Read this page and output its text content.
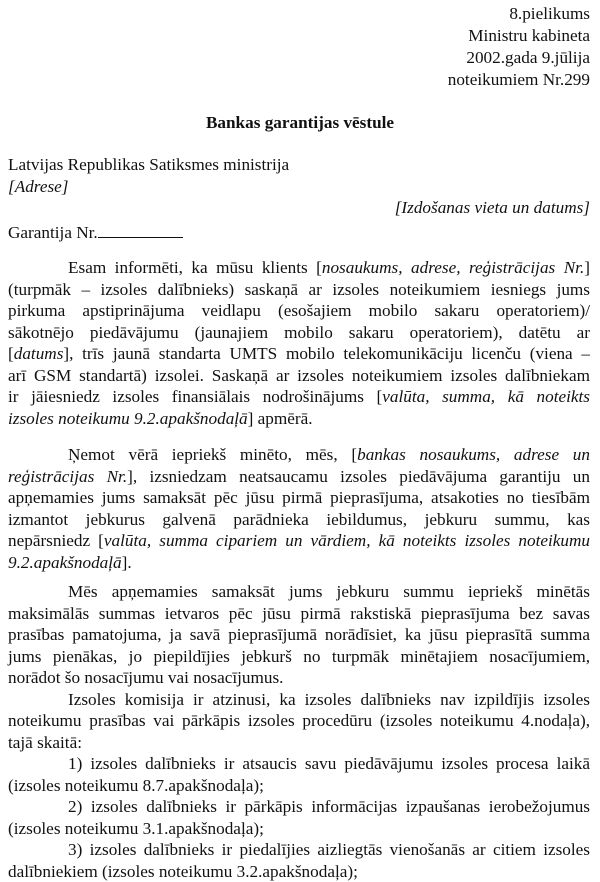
8.pielikums
Ministru kabineta
2002.gada 9.jūlija
noteikumiem Nr.299
Bankas garantijas vēstule
Latvijas Republikas Satiksmes ministrija
[Adrese]
[Izdošanas vieta un datums]
Garantija Nr.
Esam informēti, ka mūsu klients [nosaukums, adrese, reģistrācijas Nr.]
(turpmāk – izsoles dalībnieks) saskaņā ar izsoles noteikumiem iesniegs jums
pirkuma apstiprinājuma veidlapu (esošajiem mobilo sakaru operatoriem)/
sākotnējo piedāvājumu (jaunajiem mobilo sakaru operatoriem), datētu ar
[datums], trīs jaunā standarta UMTS mobilo telekomunikāciju licenču (viena –
arī GSM standartā) izsolei. Saskaņā ar izsoles noteikumiem izsoles dalībniekam
ir jāiesniedz izsoles finansiālais nodrošinājums [valūta, summa, kā noteikts
izsoles noteikumu 9.2.apakšnodaļā] apmērā.
Ņemot vērā iepriekš minēto, mēs, [bankas nosaukums, adrese un
reģistrācijas Nr.], izsniedzam neatsaucamu izsoles piedāvājuma garantiju un
apņemamies jums samaksāt pēc jūsu pirmā pieprasījuma, atsakoties no tiesībām
izmantot jebkurus galvenā parādnieka iebildumus, jebkuru summu, kas
nepārsniedz [valūta, summa cipariem un vārdiem, kā noteikts izsoles noteikumu
9.2.apakšnodaļā].
Mēs apņemamies samaksāt jums jebkuru summu iepriekš minētās
maksimālās summas ietvaros pēc jūsu pirmā rakstiskā pieprasījuma bez savas
prasības pamatojuma, ja savā pieprasījumā norādīsiet, ka jūsu pieprasītā summa
jums pienākas, jo piepildījies jebkurš no turpmāk minētajiem nosacījumiem,
norādot šo nosacījumu vai nosacījumus.
Izsoles komisija ir atzinusi, ka izsoles dalībnieks nav izpildījis izsoles
noteikumu prasības vai pārkāpis izsoles procedūru (izsoles noteikumu 4.nodaļa),
tajā skaitā:
1) izsoles dalībnieks ir atsaucis savu piedāvājumu izsoles procesa laikā
(izsoles noteikumu 8.7.apakšnodaļa);
2) izsoles dalībnieks ir pārkāpis informācijas izpaušanas ierobežojumus
(izsoles noteikumu 3.1.apakšnodaļa);
3) izsoles dalībnieks ir piedalījies aizliegtās vienošanās ar citiem izsoles
dalībniekiem (izsoles noteikumu 3.2.apakšnodaļa);
